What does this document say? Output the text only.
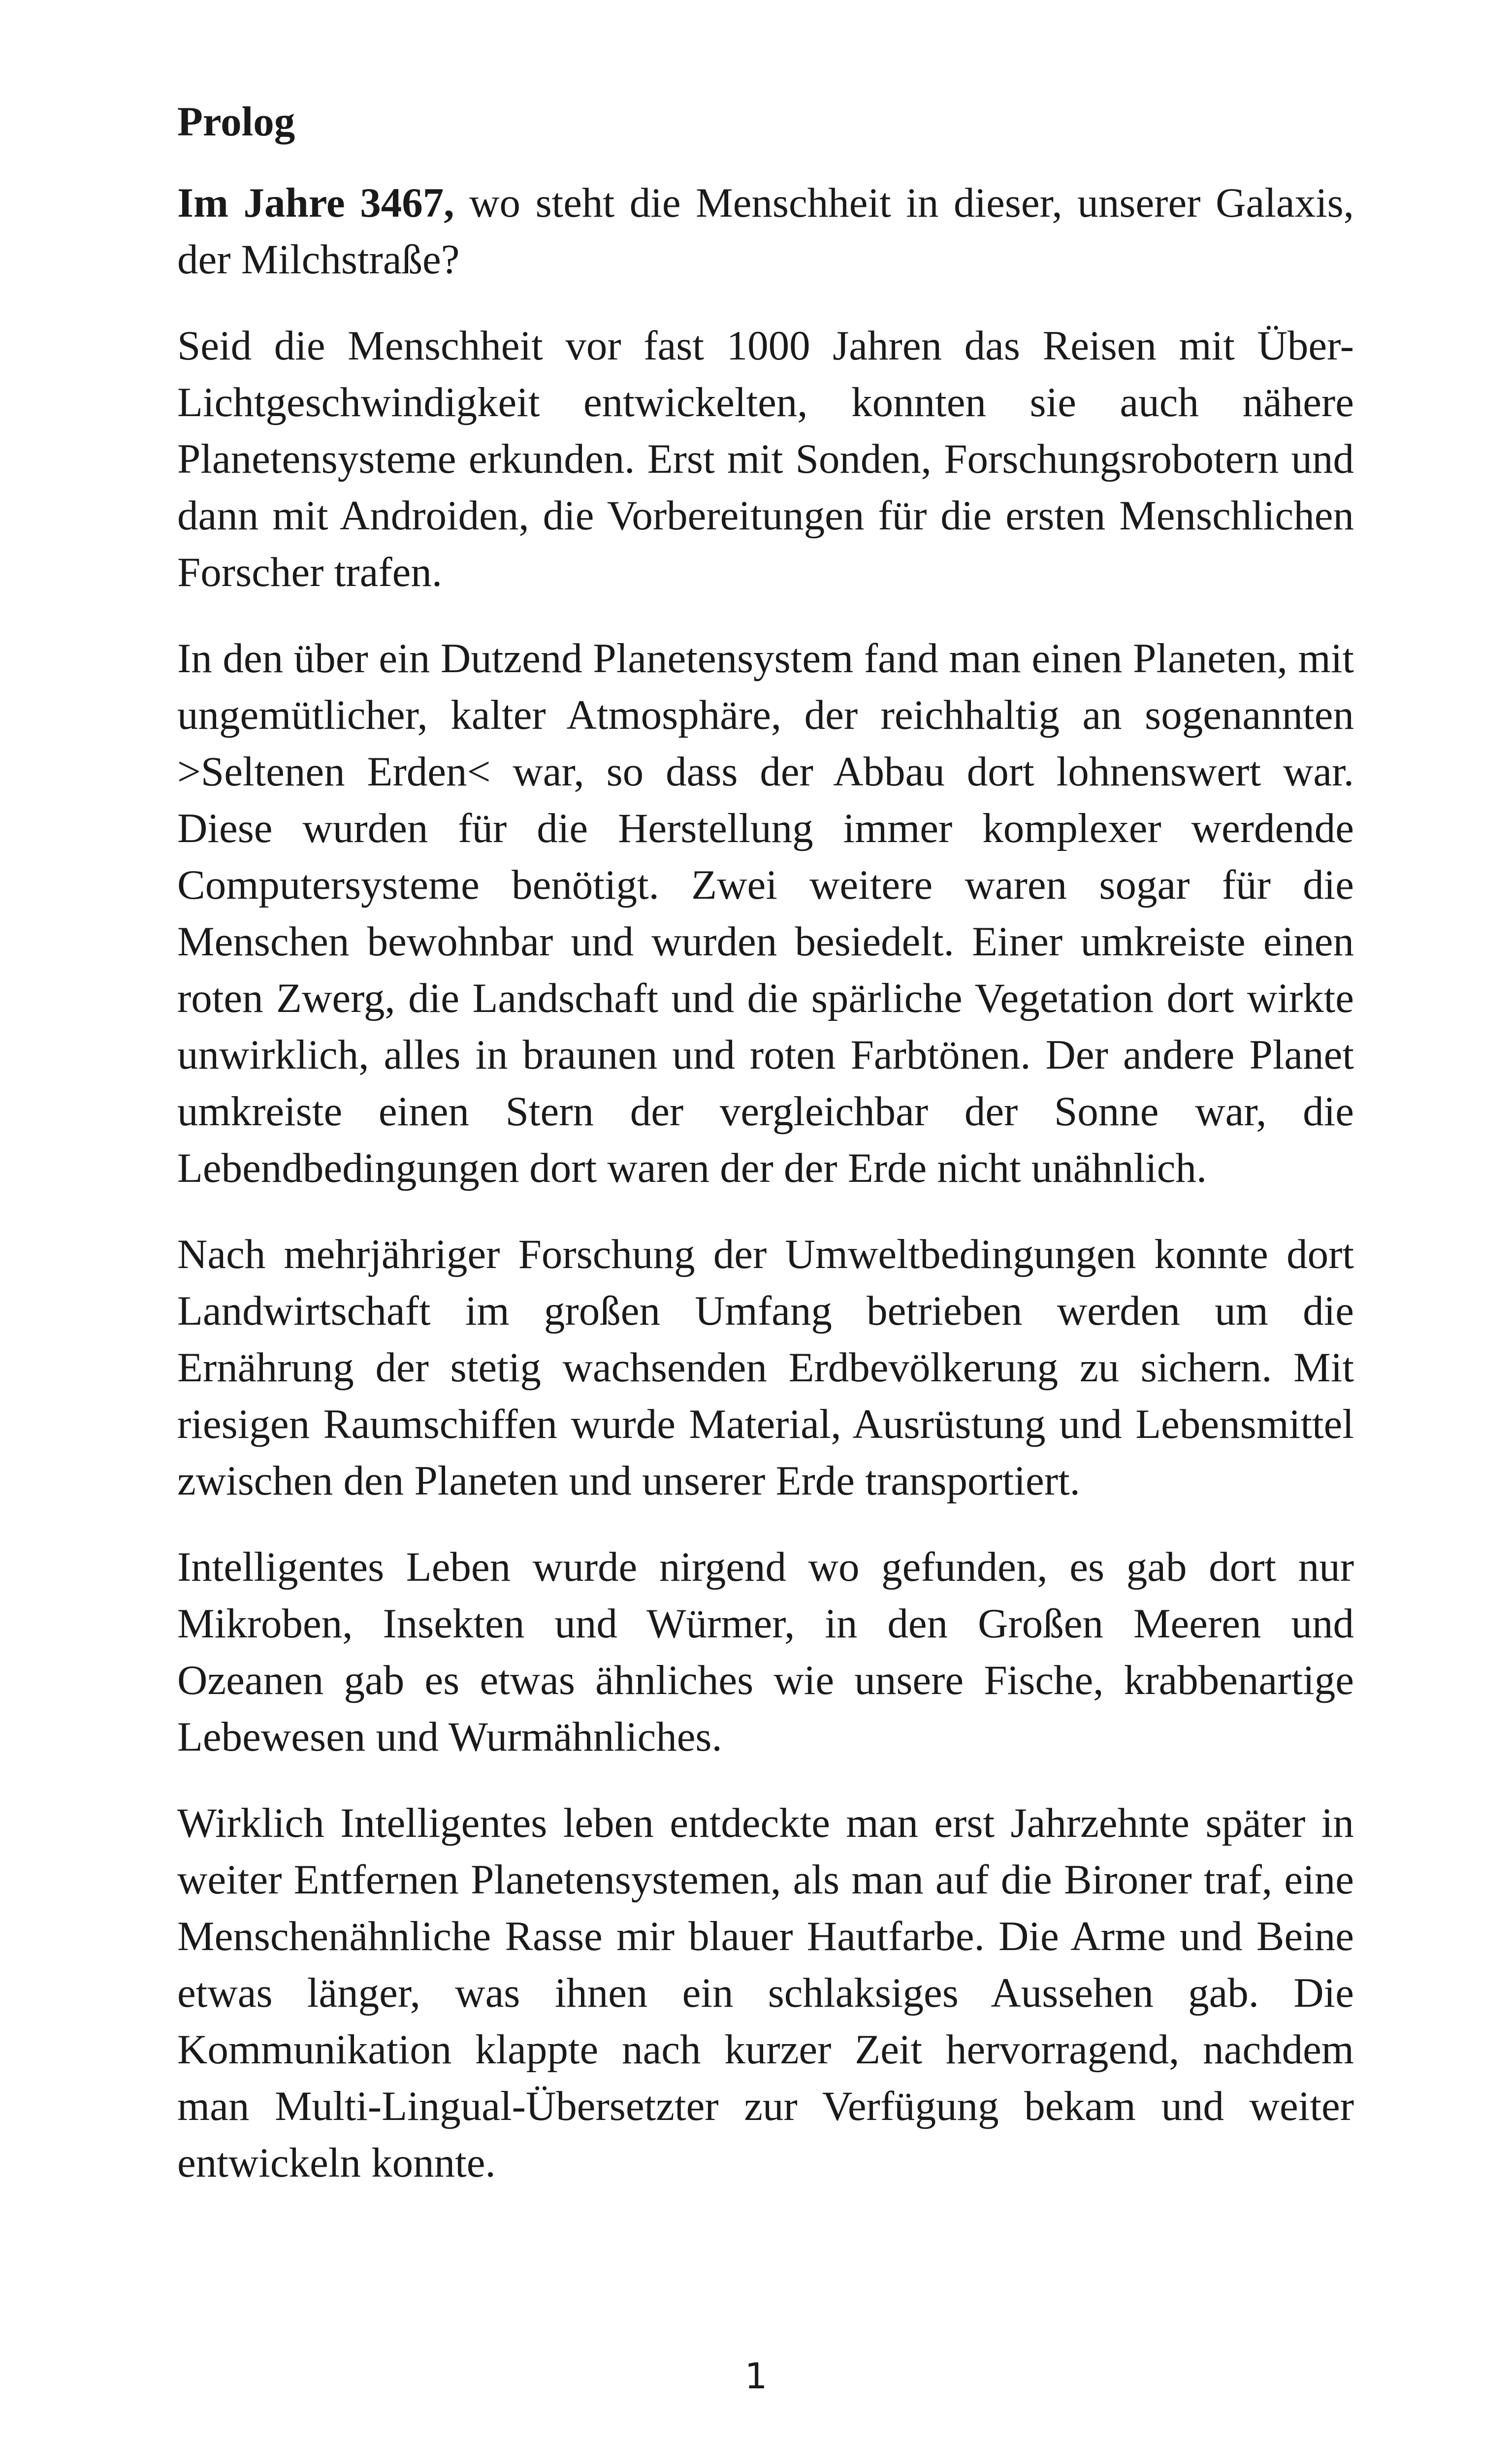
Prolog

Im Jahre 3467, wo steht die Menschheit in dieser, unserer Galaxis, der Milchstraße?

Seid die Menschheit vor fast 1000 Jahren das Reisen mit Über-Lichtgeschwindigkeit entwickelten, konnten sie auch nähere Planetensysteme erkunden. Erst mit Sonden, Forschungsrobotern und dann mit Androiden, die Vorbereitungen für die ersten Menschlichen Forscher trafen.

In den über ein Dutzend Planetensystem fand man einen Planeten, mit ungemütlicher, kalter Atmosphäre, der reichhaltig an sogenannten >Seltenen Erden< war, so dass der Abbau dort lohnenswert war. Diese wurden für die Herstellung immer komplexer werdende Computersysteme benötigt. Zwei weitere waren sogar für die Menschen bewohnbar und wurden besiedelt. Einer umkreiste einen roten Zwerg, die Landschaft und die spärliche Vegetation dort wirkte unwirklich, alles in braunen und roten Farbtönen. Der andere Planet umkreiste einen Stern der vergleichbar der Sonne war, die Lebendbedingungen dort waren der der Erde nicht unähnlich.

Nach mehrjähriger Forschung der Umweltbedingungen konnte dort Landwirtschaft im großen Umfang betrieben werden um die Ernährung der stetig wachsenden Erdbevölkerung zu sichern. Mit riesigen Raumschiffen wurde Material, Ausrüstung und Lebensmittel zwischen den Planeten und unserer Erde transportiert.

Intelligentes Leben wurde nirgend wo gefunden, es gab dort nur Mikroben, Insekten und Würmer, in den Großen Meeren und Ozeanen gab es etwas ähnliches wie unsere Fische, krabbenartige Lebewesen und Wurmähnliches.

Wirklich Intelligentes leben entdeckte man erst Jahrzehnte später in weiter Entfernen Planetensystemen, als man auf die Bironer traf, eine Menschenähnliche Rasse mir blauer Hautfarbe. Die Arme und Beine etwas länger, was ihnen ein schlaksiges Aussehen gab. Die Kommunikation klappte nach kurzer Zeit hervorragend, nachdem man Multi-Lingual-Übersetzter zur Verfügung bekam und weiter entwickeln konnte.

1
